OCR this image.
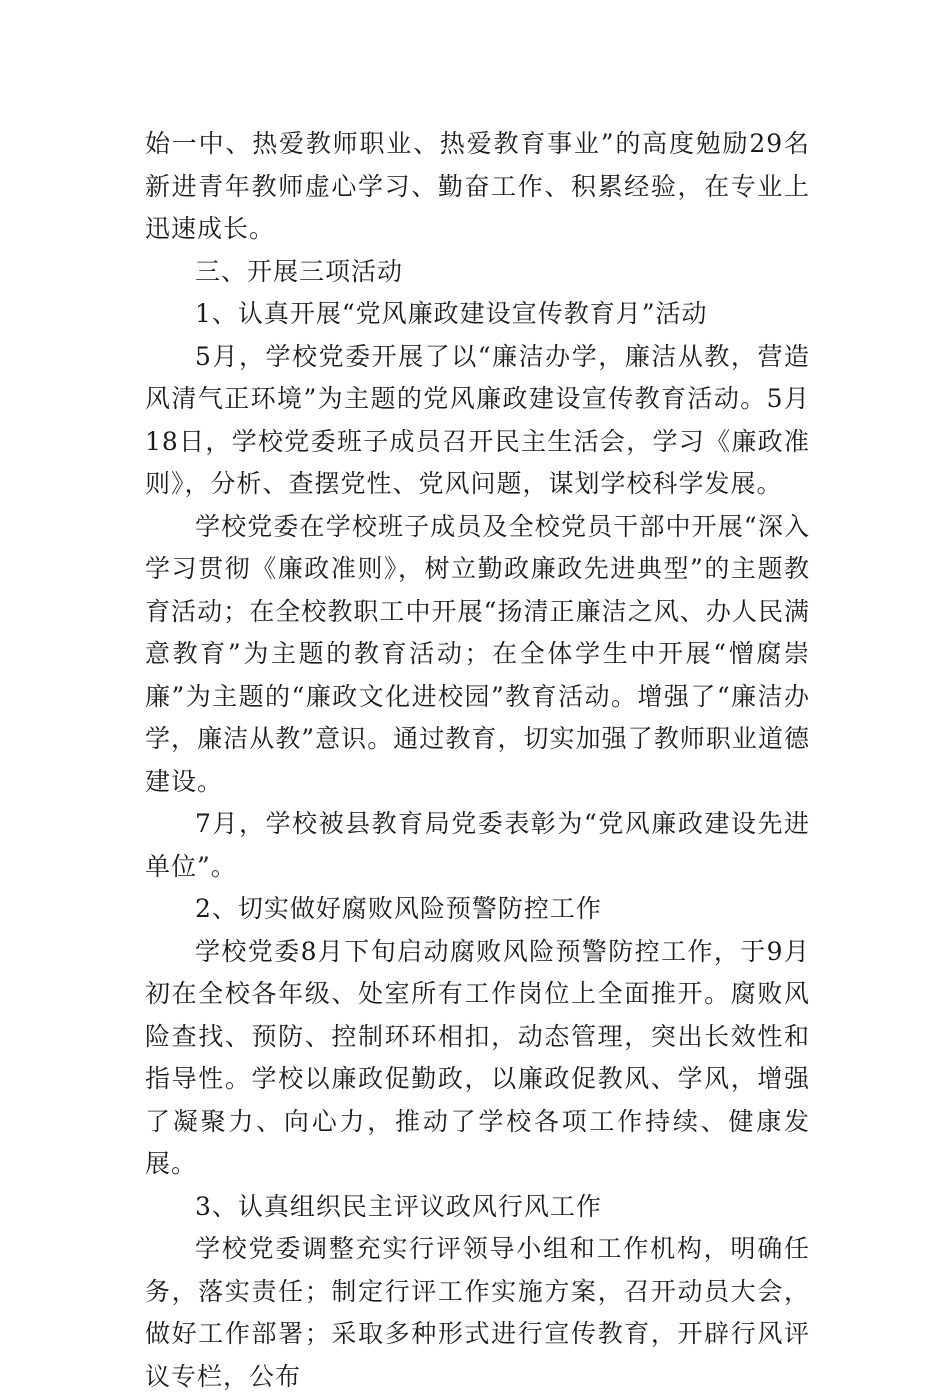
始一中、热爱教师职业、热爱教育事业”的高度勉励29名新进青年教师虚心学习、勤奋工作、积累经验，在专业上迅速成长。

三、开展三项活动

1、认真开展“党风廉政建设宣传教育月”活动

5月，学校党委开展了以“廉洁办学，廉洁从教，营造风清气正环境”为主题的党风廉政建设宣传教育活动。5月18日，学校党委班子成员召开民主生活会，学习《廉政准则》，分析、查摆党性、党风问题，谋划学校科学发展。

学校党委在学校班子成员及全校党员干部中开展“深入学习贯彻《廉政准则》，树立勤政廉政先进典型”的主题教育活动；在全校教职工中开展“扬清正廉洁之风、办人民满意教育”为主题的教育活动；在全体学生中开展“憎腐崇廉”为主题的“廉政文化进校园”教育活动。增强了“廉洁办学，廉洁从教”意识。通过教育，切实加强了教师职业道德建设。

7月，学校被县教育局党委表彰为“党风廉政建设先进单位”。

2、切实做好腐败风险预警防控工作

学校党委8月下旬启动腐败风险预警防控工作，于9月初在全校各年级、处室所有工作岗位上全面推开。腐败风险查找、预防、控制环环相扣，动态管理，突出长效性和指导性。学校以廉政促勤政，以廉政促教风、学风，增强了凝聚力、向心力，推动了学校各项工作持续、健康发展。

3、认真组织民主评议政风行风工作

学校党委调整充实行评领导小组和工作机构，明确任务，落实责任；制定行评工作实施方案，召开动员大会，做好工作部署；采取多种形式进行宣传教育，开辟行风评议专栏，公布
